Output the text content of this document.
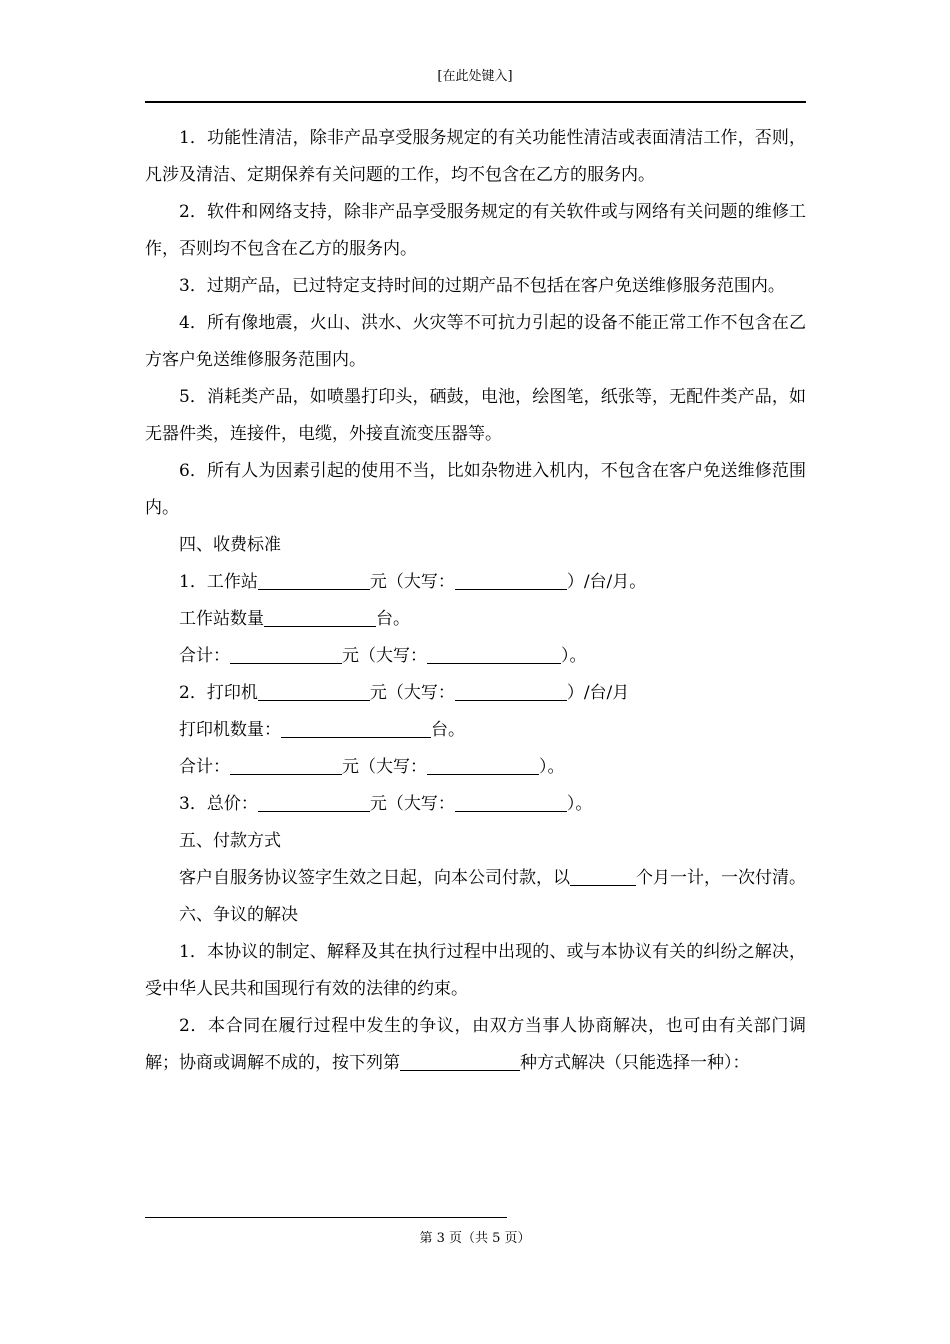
[在此处键入]

1．功能性清洁，除非产品享受服务规定的有关功能性清洁或表面清洁工作，否则，凡涉及清洁、定期保养有关问题的工作，均不包含在乙方的服务内。

2．软件和网络支持，除非产品享受服务规定的有关软件或与网络有关问题的维修工作，否则均不包含在乙方的服务内。

3．过期产品，已过特定支持时间的过期产品不包括在客户免送维修服务范围内。

4．所有像地震，火山、洪水、火灾等不可抗力引起的设备不能正常工作不包含在乙方客户免送维修服务范围内。

5．消耗类产品，如喷墨打印头，硒鼓，电池，绘图笔，纸张等，无配件类产品，如无器件类，连接件，电缆，外接直流变压器等。

6．所有人为因素引起的使用不当，比如杂物进入机内，不包含在客户免送维修范围内。

四、收费标准

1．工作站	元（大写：	）/台/月。

工作站数量	台。

合计：	元（大写：	）。

2．打印机	元（大写：	）/台/月

打印机数量：	台。

合计：	元（大写：	）。

3．总价：	元（大写：	）。

五、付款方式

客户自服务协议签字生效之日起，向本公司付款，以	个月一计，一次付清。

六、争议的解决

1．本协议的制定、解释及其在执行过程中出现的、或与本协议有关的纠纷之解决，受中华人民共和国现行有效的法律的约束。

2．本合同在履行过程中发生的争议，由双方当事人协商解决，也可由有关部门调解；协商或调解不成的，按下列第	种方式解决（只能选择一种）：

第 3 页（共 5 页）
